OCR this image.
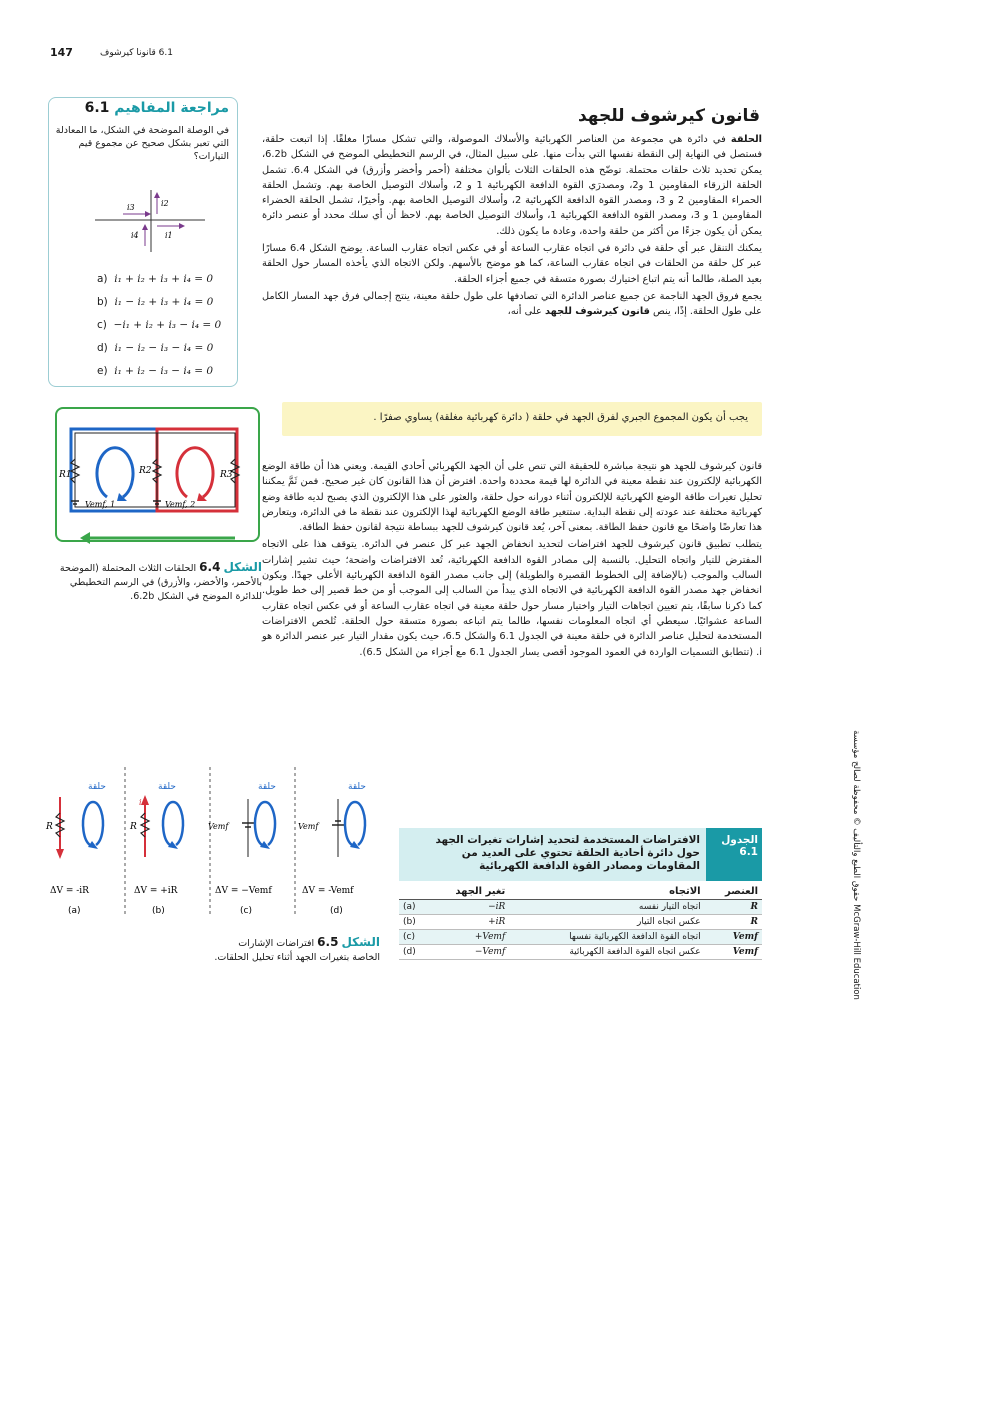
147	6.1 قانونا كيرشوف
قانون كيرشوف للجهد

الحلقة في دائرة هي مجموعة من العناصر الكهربائية والأسلاك الموصولة، والتي تشكل مسارًا مغلقًا. إذا اتبعت حلقة، فستصل في النهاية إلى النقطة نفسها التي بدأت منها. على سبيل المثال، في الرسم التخطيطي الموضح في الشكل 6.2b، يمكن تحديد ثلاث حلقات محتملة. توضّح هذه الحلقات الثلاث بألوان مختلفة (أحمر وأخضر وأزرق) في الشكل 6.4. تشمل الحلقة الزرقاء المقاومين 1 و2، ومصدرَي القوة الدافعة الكهربائية 1 و 2، وأسلاك التوصيل الخاصة بهم. وتشمل الحلقة الحمراء المقاومين 2 و 3، ومصدر القوة الدافعة الكهربائية 2، وأسلاك التوصيل الخاصة بهم. وأخيرًا، تشمل الحلقة الخضراء المقاومين 1 و 3، ومصدر القوة الدافعة الكهربائية 1، وأسلاك التوصيل الخاصة بهم. لاحظ أن أي سلك محدد أو عنصر دائرة يمكن أن يكون جزءًا من أكثر من حلقة واحدة، وعادة ما يكون ذلك.

يمكنك التنقل عبر أي حلقة في دائرة في اتجاه عقارب الساعة أو في عكس اتجاه عقارب الساعة. يوضح الشكل 6.4 مسارًا عبر كل حلقة من الحلقات في اتجاه عقارب الساعة، كما هو موضح بالأسهم. ولكن الاتجاه الذي يأخذه المسار حول الحلقة بعيد الصلة، طالما أنه يتم اتباع اختيارك بصورة متسقة في جميع أجزاء الحلقة.

يجمع فروق الجهد الناجمة عن جميع عناصر الدائرة التي تصادفها على طول حلقة معينة، ينتج إجمالي فرق جهد المسار الكامل على طول الحلقة. إذًا، ينص قانون كيرشوف للجهد على أنه،

يجب أن يكون المجموع الجبري لفرق الجهد في حلقة ( دائرة كهربائية مغلقة) يساوي صفرًا .

قانون كيرشوف للجهد هو نتيجة مباشرة للحقيقة التي تنص على أن الجهد الكهربائي أحادي القيمة. ويعني هذا أن طاقة الوضع الكهربائية لإلكترون عند نقطة معينة في الدائرة لها قيمة محددة واحدة. افترض أن هذا القانون كان غير صحيح. فمن ثَمَّ يمكننا تحليل تغيرات طاقة الوضع الكهربائية للإلكترون أثناء دورانه حول حلقة، والعثور على هذا الإلكترون الذي يصبح لديه طاقة وضع كهربائية مختلفة عند عودته إلى نقطة البداية. ستتغير طاقة الوضع الكهربائية لهذا الإلكترون عند نقطة ما في الدائرة، ويتعارض هذا تعارضًا واضحًا مع قانون حفظ الطاقة. بمعنى آخر، يُعد قانون كيرشوف للجهد ببساطة نتيجة لقانون حفظ الطاقة.

يتطلب تطبيق قانون كيرشوف للجهد افتراضات لتحديد انخفاض الجهد عبر كل عنصر في الدائرة. يتوقف هذا على الاتجاه المفترض للتيار واتجاه التحليل. بالنسبة إلى مصادر القوة الدافعة الكهربائية، تُعد الافتراضات واضحة؛ حيث تشير إشارات السالب والموجب (بالإضافة إلى الخطوط القصيرة والطويلة) إلى جانب مصدر القوة الدافعة الكهربائية الأعلى جهدًا. ويكون انخفاض جهد مصدر القوة الدافعة الكهربائية في الاتجاه الذي يبدأ من السالب إلى الموجب أو من خط قصير إلى خط طويل. كما ذكرنا سابقًا، يتم تعيين اتجاهات التيار واختيار مسار حول حلقة معينة في اتجاه عقارب الساعة أو في عكس اتجاه عقارب الساعة عشوائيًا. سيعطي أي اتجاه المعلومات نفسها، طالما يتم اتباعه بصورة متسقة حول الحلقة. تُلخص الافتراضات المستخدمة لتحليل عناصر الدائرة في حلقة معينة في الجدول 6.1 والشكل 6.5، حيث يكون مقدار التيار عبر عنصر الدائرة هو i. (تتطابق التسميات الواردة في العمود الموجود أقصى يسار الجدول 6.1 مع أجزاء من الشكل 6.5).

مراجعة المفاهيم 6.1
في الوصلة الموضحة في الشكل، ما المعادلة التي تعبر بشكل صحيح عن مجموع قيم التيارات؟
i3	i2
i4	i1
a) i₁ + i₂ + i₃ + i₄ = 0
b) i₁ − i₂ + i₃ + i₄ = 0
c) −i₁ + i₂ + i₃ − i₄ = 0
d) i₁ − i₂ − i₃ − i₄ = 0
e) i₁ + i₂ − i₃ − i₄ = 0
R1	R2	R3
Vemf, 1	Vemf, 2
الشكل 6.4 الحلقات الثلاث المحتملة (الموضحة بالأحمر، والأخضر، والأزرق) في الرسم التخطيطي للدائرة الموضح في الشكل 6.2b.
حلقة
R
ΔV = -iR
(a)
حلقة
i
R
ΔV = +iR
(b)
حلقة
Vemf
ΔV = −Vemf
(c)
حلقة
Vemf
ΔV = -Vemf
(d)
الشكل 6.5 افتراضات الإشارات الخاصة بتغيرات الجهد أثناء تحليل الحلقات.
الجدول 6.1
الافتراضات المستخدمة لتحديد إشارات تغيرات الجهد حول دائرة أحادية الحلقة تحتوي على العديد من المقاومات ومصادر القوة الدافعة الكهربائية
العنصر	الاتجاه	تغير الجهد	
R	اتجاه التيار نفسه	−iR	(a)
R	عكس اتجاه التيار	+iR	(b)
Vemf	اتجاه القوة الدافعة الكهربائية نفسها	+Vemf	(c)
Vemf	عكس اتجاه القوة الدافعة الكهربائية	−Vemf	(d)
حقوق الطبع والتأليف © محفوظة لصالح مؤسسة McGraw-Hill Education
